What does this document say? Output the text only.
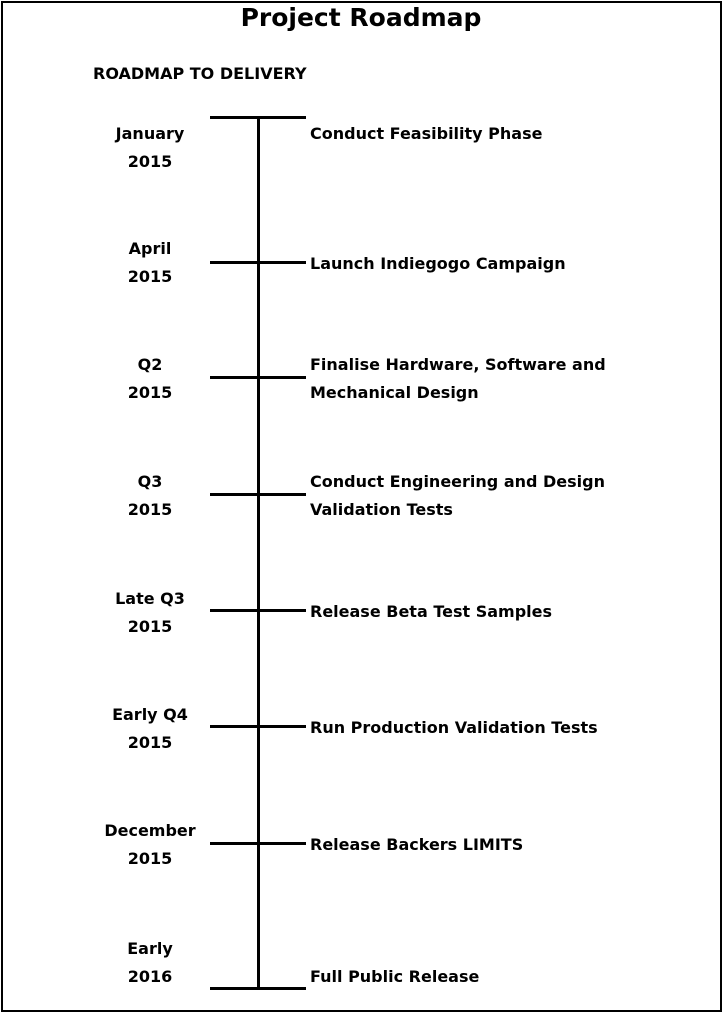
Project Roadmap
ROADMAP TO DELIVERY
January
2015
Conduct Feasibility Phase
April
2015
Launch Indiegogo Campaign
Q2
2015
Finalise Hardware, Software and Mechanical Design
Q3
2015
Conduct Engineering and Design Validation Tests
Late Q3
2015
Release Beta Test Samples
Early Q4
2015
Run Production Validation Tests
December
2015
Release Backers LIMITS
Early
2016	Full Public Release
